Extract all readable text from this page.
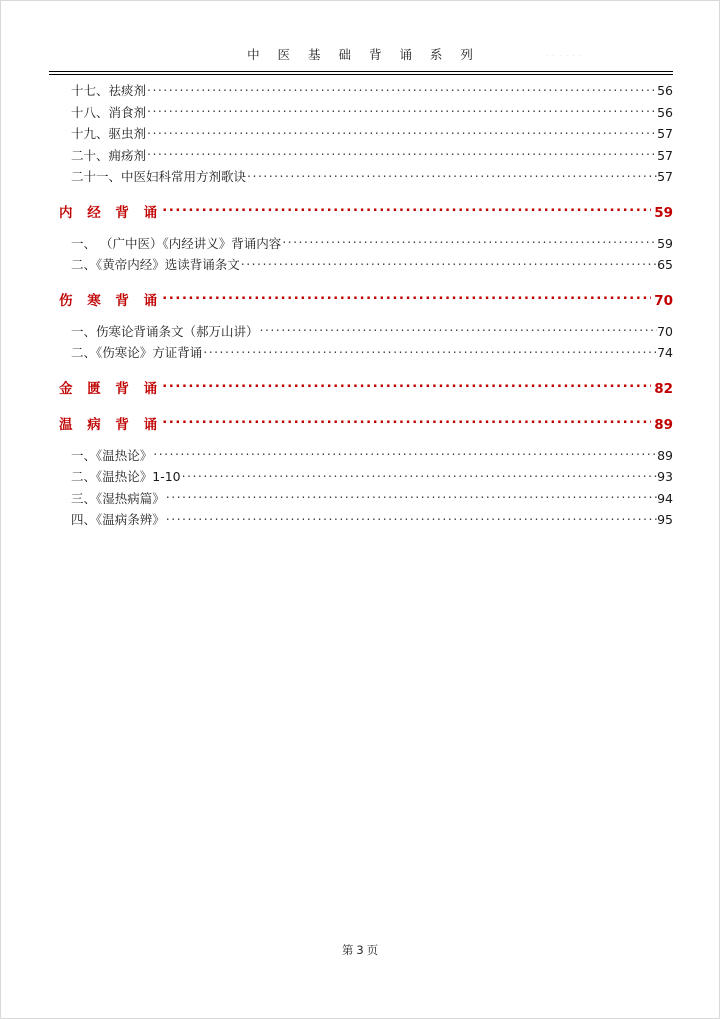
中 医 基 础 背 诵 系 列	· · · · · ·
十七、祛痰剂 .....	56
十八、消食剂 .....	56
十九、驱虫剂 .....	57
二十、痈疡剂 .....	57
二十一、中医妇科常用方剂歌诀 .....	57
内 经 背 诵 .....	59
一、 （广中医）《内经讲义》背诵内容 .....	59
二、《黄帝内经》选读背诵条文 .....	65
伤 寒 背 诵 .....	70
一、伤寒论背诵条文（郝万山讲） .....	70
二、《伤寒论》方证背诵 .....	74
金 匮 背 诵 .....	82
温 病 背 诵 .....	89
一、《温热论》 .....	89
二、《温热论》1-10 .....	93
三、《湿热病篇》 .....	94
四、《温病条辨》 .....	95
第 3 页
